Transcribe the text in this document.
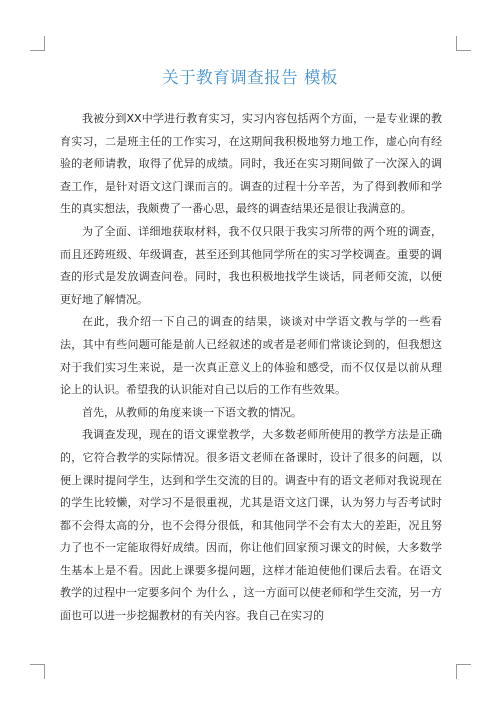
关于教育调查报告 模板

我被分到XX中学进行教育实习，实习内容包括两个方面，一是专业课的教育实习，二是班主任的工作实习，在这期间我积极地努力地工作，虚心向有经验的老师请教，取得了优异的成绩。同时，我还在实习期间做了一次深入的调查工作，是针对语文这门课而言的。调查的过程十分辛苦，为了得到教师和学生的真实想法，我颇费了一番心思，最终的调查结果还是很让我满意的。

为了全面、详细地获取材料，我不仅只限于我实习所带的两个班的调查，而且还跨班级、年级调查，甚至还到其他同学所在的实习学校调查。重要的调查的形式是发放调查问卷。同时，我也积极地找学生谈话，同老师交流，以便更好地了解情况。

在此，我介绍一下自己的调查的结果，谈谈对中学语文教与学的一些看法，其中有些问题可能是前人已经叙述的或者是老师们常谈论到的，但我想这对于我们实习生来说，是一次真正意义上的体验和感受，而不仅仅是以前从理论上的认识。希望我的认识能对自己以后的工作有些效果。

首先，从教师的角度来谈一下语文教的情况。

我调查发现，现在的语文课堂教学，大多数老师所使用的教学方法是正确的，它符合教学的实际情况。很多语文老师在备课时，设计了很多的问题，以便上课时提问学生，达到和学生交流的目的。调查中有的语文老师对我说现在的学生比较懒，对学习不是很重视，尤其是语文这门课，认为努力与否考试时都不会得太高的分，也不会得分很低，和其他同学不会有太大的差距，况且努力了也不一定能取得好成绩。因而，你让他们回家预习课文的时候，大多数学生基本上是不看。因此上课要多提问题，这样才能迫使他们课后去看。在语文教学的过程中一定要多问个 为什么 ，这一方面可以使老师和学生交流，另一方面也可以进一步挖掘教材的有关内容。我自己在实习的
